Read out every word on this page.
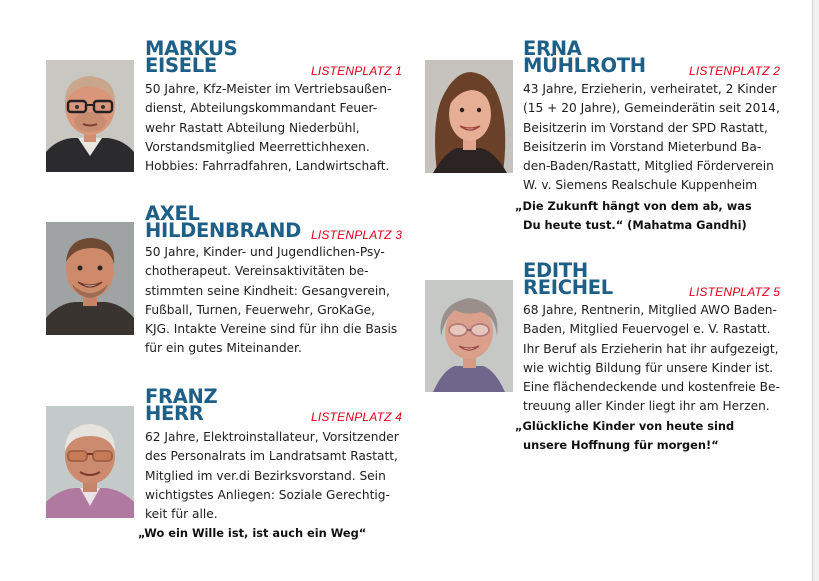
MARKUS
EISELE	LISTENPLATZ 1
50 Jahre, Kfz-Meister im Vertriebsaußen-
dienst, Abteilungskommandant Feuer-
wehr Rastatt Abteilung Niederbühl,
Vorstandsmitglied Meerrettichhexen.
Hobbies: Fahrradfahren, Landwirtschaft.
AXEL
HILDENBRAND LISTENPLATZ 3
50 Jahre, Kinder- und Jugendlichen-Psy-
chotherapeut. Vereinsaktivitäten be-
stimmten seine Kindheit: Gesangverein,
Fußball, Turnen, Feuerwehr, GroKaGe,
KJG. Intakte Vereine sind für ihn die Basis
für ein gutes Miteinander.
FRANZ
HERR	LISTENPLATZ 4
62 Jahre, Elektroinstallateur, Vorsitzender
des Personalrats im Landratsamt Rastatt,
Mitglied im ver.di Bezirksvorstand. Sein
wichtigstes Anliegen: Soziale Gerechtig-
keit für alle.
„Wo ein Wille ist, ist auch ein Weg“
ERNA
MÜHLROTH	LISTENPLATZ 2
43 Jahre, Erzieherin, verheiratet, 2 Kinder
(15 + 20 Jahre), Gemeinderätin seit 2014,
Beisitzerin im Vorstand der SPD Rastatt,
Beisitzerin im Vorstand Mieterbund Ba-
den-Baden/Rastatt, Mitglied Förderverein
W. v. Siemens Realschule Kuppenheim
„Die Zukunft hängt von dem ab, was
Du heute tust.“ (Mahatma Gandhi)
EDITH
REICHEL	LISTENPLATZ 5
68 Jahre, Rentnerin, Mitglied AWO Baden-
Baden, Mitglied Feuervogel e. V. Rastatt.
Ihr Beruf als Erzieherin hat ihr aufgezeigt,
wie wichtig Bildung für unsere Kinder ist.
Eine flächendeckende und kostenfreie Be-
treuung aller Kinder liegt ihr am Herzen.
„Glückliche Kinder von heute sind
unsere Hoffnung für morgen!“
